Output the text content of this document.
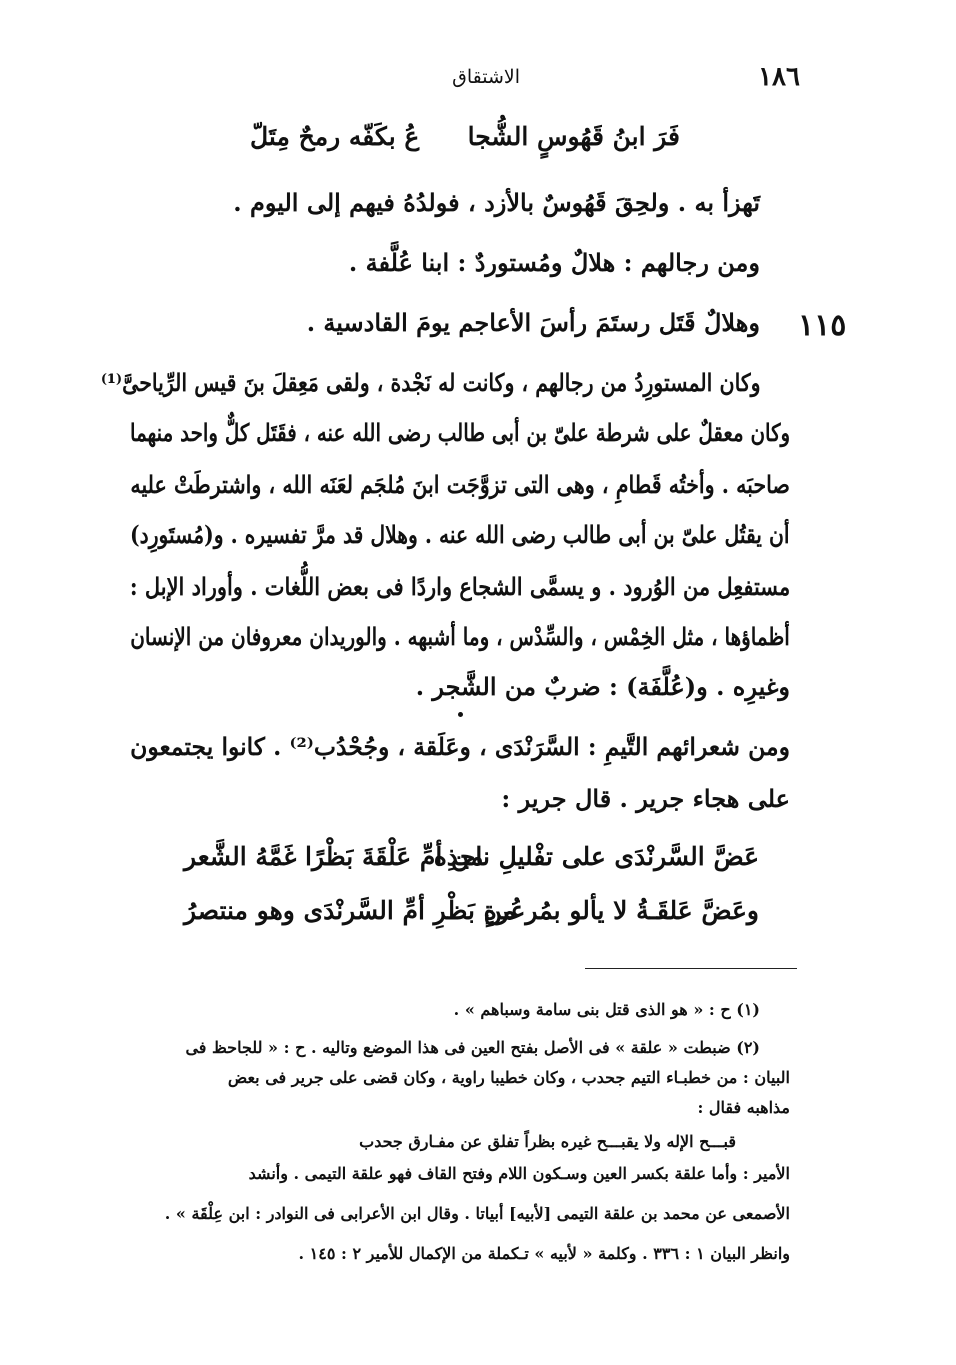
١٨٦
الاشتقاق
فَرَ ابنُ قَهُوسٍ الشُّجا
عُ بكَفّه رمحٌ مِتَلّ
تَهزأ به . ولحِقَ قَهُوسٌ بالأزد ، فولدُهُ فيهم إلى اليوم .
ومن رجالهم : هلالٌ ومُستوردٌ : ابنا عُلَّفة .
١١٥
وهلالٌ قَتَل رستَمَ رأسَ الأعاجم يومَ القادسية .
وكان المستورِدُ من رجالهم ، وكانت له نَجْدة ، ولقى مَعِقلَ بنَ قيس الرِّياحىَّ⁽¹⁾
وكان معقلٌ على شرطة علىّ بن أبى طالب رضى الله عنه ، فقَتَل كلٌّ واحد منهما
صاحبَه . وأختُه قَطامِ ، وهى التى تزوَّجَت ابنَ مُلجَم لعَنَه الله ، واشترطَتْ عليه
أن يقتُل علىّ بن أبى طالب رضى الله عنه . وهلال قد مرَّ تفسيره . و(مُستَورِد)
مستفعِل من الوُرود . و يسمَّى الشجاع واردًا فى بعض اللُّغات . وأوراد الإبل :
أظماؤها ، مثل الخِمْس ، والسِّدْس ، وما أشبهه . والوريدان معروفان من الإنسان
وغيرِه . و(عُلَّفَة) : ضربٌ من الشَّجر .
ومن شعرائهم التَّيمِ : السَّرَنْدَى ، وعَلَقة ، وجُحْدُب⁽²⁾ . كانوا يجتمعون
على هجاء جرير . قال جرير :
عَضَّ السَّرنْدَى على تفْليلِ ناجذِه
من أمِّ عَلْقَةَ بَظْرًا غَمَّهُ الشَّعر
وعَضَّ عَلقَـةُ لا يألو بمُرعُرةٍ
من بَظْرِ أمِّ السَّرنْدَى وهو منتصرُ
(١) ح : « هو الذى قتل بنى سامة وسباهم » .
(٢) ضبطت « علقة » فى الأصل بفتح العين فى هذا الموضع وتاليه . ح : « للجاحظ فى
البيان : من خطبـاء التيم جحدب ، وكان خطيبا راوية ، وكان قضى على جرير فى بعض
مذاهبه فقال :
قبـــح الإله ولا يقبـــح غيره بظراً تفلق عن مفـارق جحدب
الأمير : وأما علقة بكسر العين وسـكون اللام وفتح القاف فهو علقة التيمى . وأنشد
الأصمعى عن محمد بن علقة التيمى [لأبيه] أبياتا . وقال ابن الأعرابى فى النوادر : ابن عِلْقَة » .
وانظر البيان ١ : ٣٣٦ . وكلمة « لأبيه » تـكملة من الإكمال للأمير ٢ : ١٤٥ .
